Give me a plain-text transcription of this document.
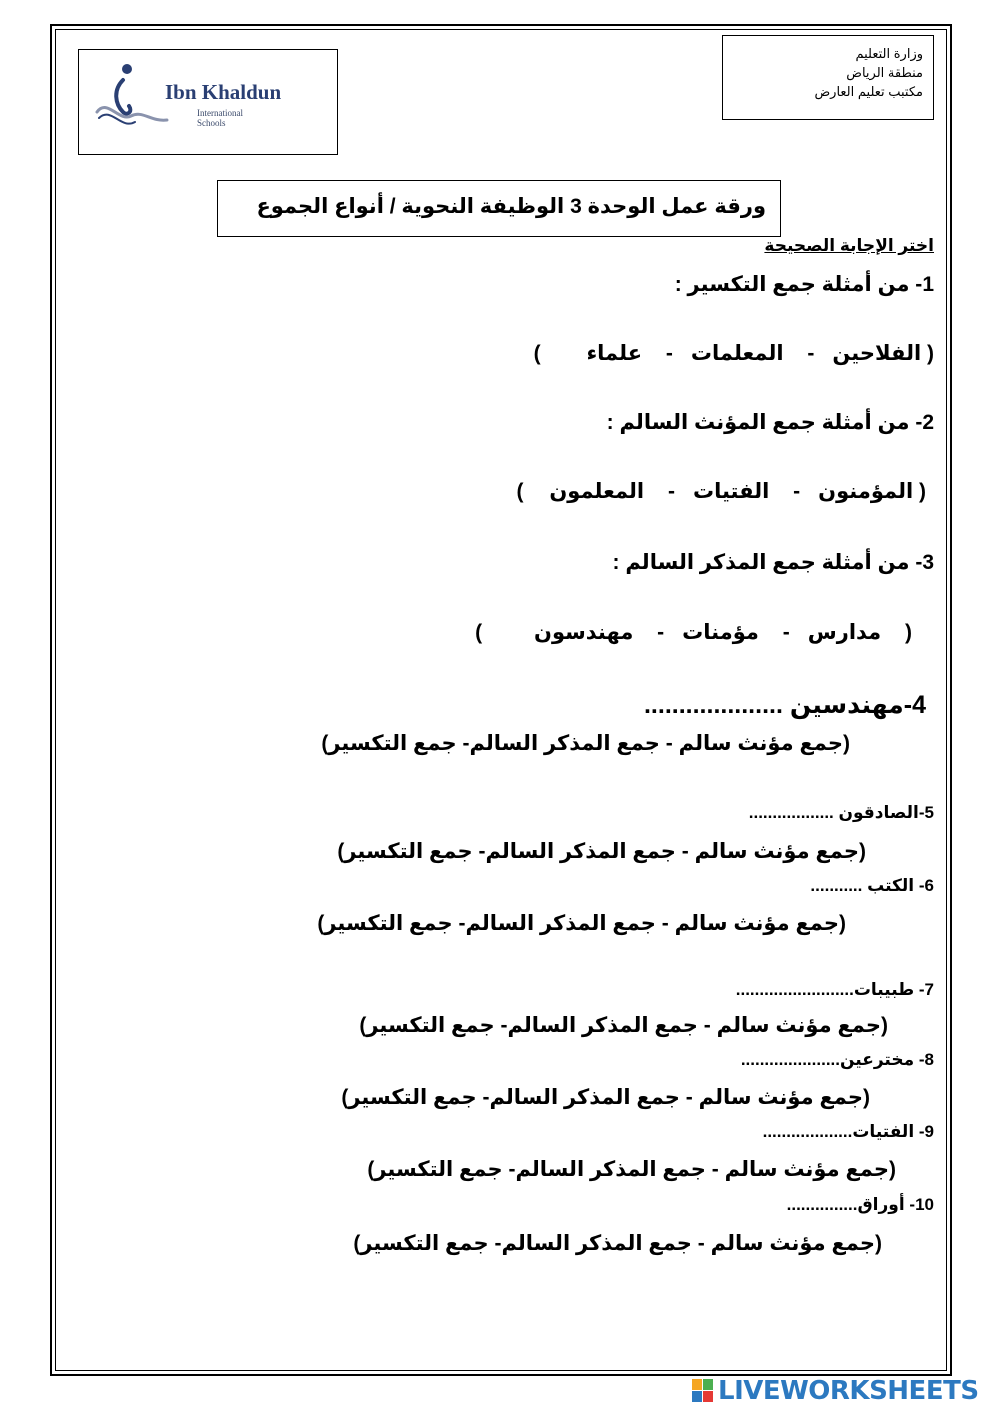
Ibn Khaldun
International
Schools
وزارة التعليم
منطقة الرياض
مكتبب تعليم العارض
ورقة عمل الوحدة 3 الوظيفة النحوية / أنواع الجموع
اختر الإجابة الصحيحة
1- من أمثلة جمع التكسير :
( الفلاحين- المعلمات- علماء )
2- من أمثلة جمع المؤنث السالم :
( المؤمنون- الفتيات- المعلمون )
3- من أمثلة جمع المذكر السالم :
( مدارس- مؤمنات- مهندسون )
4-مهندسين ....................
(جمع مؤنث سالم - جمع المذكر السالم- جمع التكسير)
5-الصادقون ..................
(جمع مؤنث سالم - جمع المذكر السالم- جمع التكسير)
6- الكتب ...........
(جمع مؤنث سالم - جمع المذكر السالم- جمع التكسير)
7- طبيبات.........................
(جمع مؤنث سالم - جمع المذكر السالم- جمع التكسير)
8- مخترعين.....................
(جمع مؤنث سالم - جمع المذكر السالم- جمع التكسير)
9- الفتيات...................
(جمع مؤنث سالم - جمع المذكر السالم- جمع التكسير)
10- أوراق...............
(جمع مؤنث سالم - جمع المذكر السالم- جمع التكسير)
LIVEWORKSHEETS
